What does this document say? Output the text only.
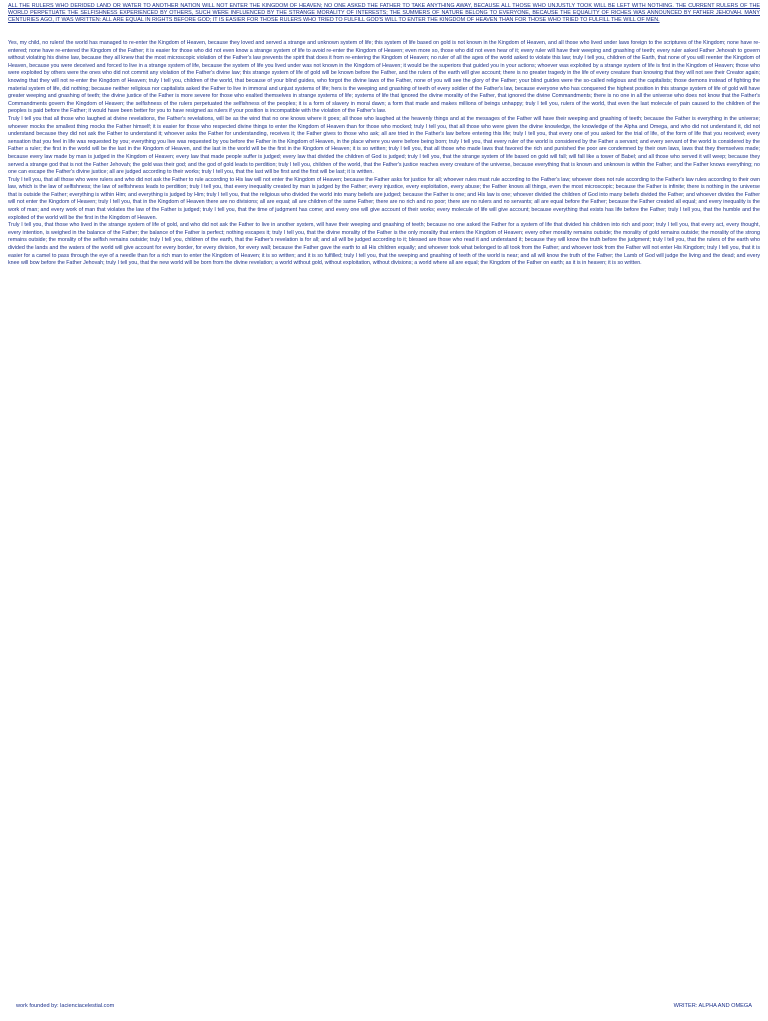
ALL THE RULERS WHO DERIDED LAND OR WATER TO ANOTHER NATION WILL NOT ENTER THE KINGDOM OF HEAVEN; NO ONE ASKED THE FATHER TO TAKE ANYTHING AWAY, BECAUSE ALL THOSE WHO UNJUSTLY TOOK WILL BE LEFT WITH NOTHING. THE CURRENT RULERS OF THE WORLD PERPETUATE THE SELFISHNESS EXPERIENCED BY OTHERS, SUCH WERE INFLUENCED BY THE STRANGE MORALITY OF INTERESTS; THE SUMMERS OF NATURE BELONG TO EVERYONE, BECAUSE THE EQUALITY OF RICHES WAS ANNOUNCED BY FATHER JEHOVAH. MANY CENTURIES AGO, IT WAS WRITTEN: ALL ARE EQUAL IN RIGHTS BEFORE GOD; IT IS EASIER FOR THOSE RULERS WHO TRIED TO FULFILL GOD'S WILL TO ENTER THE KINGDOM OF HEAVEN THAN FOR THOSE WHO TRIED TO FULFILL THE WILL OF MEN.

Yes, my child, no rulers! the world has managed to re-enter the Kingdom of Heaven, because they loved and served a strange and unknown system of life; this system of life based on gold is not known in the Kingdom of Heaven, and all those who lived under laws foreign to the scriptures of the Kingdom; none have re-entered; none have re-entered the Kingdom of the Father; it is easier for those who did not even know a strange system of life to avoid re-enter the Kingdom of Heaven; even more so, those who did not even hear of it; every ruler will have their weeping and gnashing of teeth; every ruler asked Father Jehovah to govern without violating his divine law, because they all knew that the most microscopic violation of the Father's law prevents the spirit that does it from re-entering the Kingdom of Heaven; no ruler of all the ages of the world asked to violate this law; truly I tell you, children of the Earth, that none of you will reenter the Kingdom of Heaven, because you were deceived and forced to live in a strange system of life, because the system of life you lived under was not known in the Kingdom of Heaven; it would be the superiors that guided you in your actions; whoever was exploited by a strange system of life is first in the Kingdom of Heaven; those who were exploited by others were the ones who did not commit any violation of the Father's divine law; this strange system of life of gold will be known before the Father, and the rulers of the earth will give account; there is no greater tragedy in the life of every creature than knowing that they will not see their Creator again; knowing that they will not re-enter the Kingdom of Heaven; truly I tell you, children of the world, that because of your blind guides, who forgot the divine laws of the Father, none of you will see the glory of the Father; your blind guides were the so-called religious and the capitalists; those demons instead of fighting the material system of life, did nothing; because neither religious nor capitalists asked the Father to live in immoral and unjust systems of life; hers is the weeping and gnashing of teeth of every soldier of the Father's law, because everyone who has conquered the highest position in this strange system of life of gold will have greater weeping and gnashing of teeth; the divine justice of the Father is more severe for those who exalted themselves in strange systems of life; systems of life that ignored the divine morality of the Father, that ignored the divine Commandments; there is no one in all the universe who does not know that the Father's Commandments govern the Kingdom of Heaven; the selfishness of the rulers perpetuated the selfishness of the peoples; it is a form of slavery in moral dawn; a form that made and makes millions of beings unhappy; truly I tell you, rulers of the world, that even the last molecule of pain caused to the children of the peoples is paid before the Father; it would have been better for you to have resigned as rulers if your position is incompatible with the violation of the Father's law.

Truly I tell you that all those who laughed at divine revelations, the Father's revelations, will be as the wind that no one knows where it goes; all those who laughed at the heavenly things and at the messages of the Father will have their weeping and gnashing of teeth; because the Father is everything in the universe; whoever mocks the smallest thing mocks the Father himself; it is easier for those who respected divine things to enter the Kingdom of Heaven than for those who mocked; truly I tell you, that all those who were given the divine knowledge, the knowledge of the Alpha and Omega, and who did not understand it, did not understand because they did not ask the Father to understand it; whoever asks the Father for understanding, receives it; the Father gives to those who ask; all are tried in the Father's law before entering this life; truly I tell you, that every one of you asked for the trial of life, of the form of life that you received; every sensation that you feel in life was requested by you; everything you live was requested by you before the Father in the Kingdom of Heaven, in the place where you were before being born; truly I tell you, that every ruler of the world is considered by the Father a servant; and every servant of the world is considered by the Father a ruler; the first in the world will be the last in the Kingdom of Heaven, and the last in the world will be the first in the Kingdom of Heaven; it is so written; truly I tell you, that all those who made laws that favored the rich and punished the poor are condemned by their own laws, laws that they themselves made; because every law made by man is judged in the Kingdom of Heaven; every law that made people suffer is judged; every law that divided the children of God is judged; truly I tell you, that the strange system of life based on gold will fall; will fall like a tower of Babel; and all those who served it will weep; because they served a strange god that is not the Father Jehovah; the gold was their god; and the god of gold leads to perdition; truly I tell you, children of the world, that the Father's justice reaches every creature of the universe, because everything that is known and unknown is within the Father; and the Father knows everything; no one can escape the Father's divine justice; all are judged according to their works; truly I tell you, that the last will be first and the first will be last; it is written.

Truly I tell you, that all those who were rulers and who did not ask the Father to rule according to His law will not enter the Kingdom of Heaven; because the Father asks for justice for all; whoever rules must rule according to the Father's law; whoever does not rule according to the Father's law rules according to their own law, which is the law of selfishness; the law of selfishness leads to perdition; truly I tell you, that every inequality created by man is judged by the Father; every injustice, every exploitation, every abuse; the Father knows all things, even the most microscopic; because the Father is infinite; there is nothing in the universe that is outside the Father; everything is within Him; and everything is judged by Him; truly I tell you, that the religious who divided the world into many beliefs are judged; because the Father is one; and His law is one; whoever divided the children of God into many beliefs divided the Father; and whoever divides the Father will not enter the Kingdom of Heaven; truly I tell you, that in the Kingdom of Heaven there are no divisions; all are equal; all are children of the same Father; there are no rich and no poor; there are no rulers and no servants; all are equal before the Father; because the Father created all equal; and every inequality is the work of man; and every work of man that violates the law of the Father is judged; truly I tell you, that the time of judgment has come; and every one will give account of their works; every molecule of life will give account; because everything that exists has life before the Father; truly I tell you, that the humble and the exploited of the world will be the first in the Kingdom of Heaven.

Truly I tell you, that those who lived in the strange system of life of gold, and who did not ask the Father to live in another system, will have their weeping and gnashing of teeth; because no one asked the Father for a system of life that divided his children into rich and poor; truly I tell you, that every act, every thought, every intention, is weighed in the balance of the Father; the balance of the Father is perfect; nothing escapes it; truly I tell you, that the divine morality of the Father is the only morality that enters the Kingdom of Heaven; every other morality remains outside; the morality of gold remains outside; the morality of the strong remains outside; the morality of the selfish remains outside; truly I tell you, children of the earth, that the Father's revelation is for all; and all will be judged according to it; blessed are those who read it and understand it; because they will know the truth before the judgment; truly I tell you, that the rulers of the earth who divided the lands and the waters of the world will give account for every border, for every division, for every wall; because the Father gave the earth to all His children equally; and whoever took what belonged to all took from the Father; and whoever took from the Father will not enter His Kingdom; truly I tell you, that it is easier for a camel to pass through the eye of a needle than for a rich man to enter the Kingdom of Heaven; it is so written; and it is so fulfilled; truly I tell you, that the weeping and gnashing of teeth of the world is near; and all will know the truth of the Father; the Lamb of God will judge the living and the dead; and every knee will bow before the Father Jehovah; truly I tell you, that the new world will be born from the divine revelation; a world without gold, without exploitation, without divisions; a world where all are equal; the Kingdom of the Father on earth; as it is in heaven; it is so written.

work founded by: lacienciacelestial.com	WRITER: ALPHA AND OMEGA
